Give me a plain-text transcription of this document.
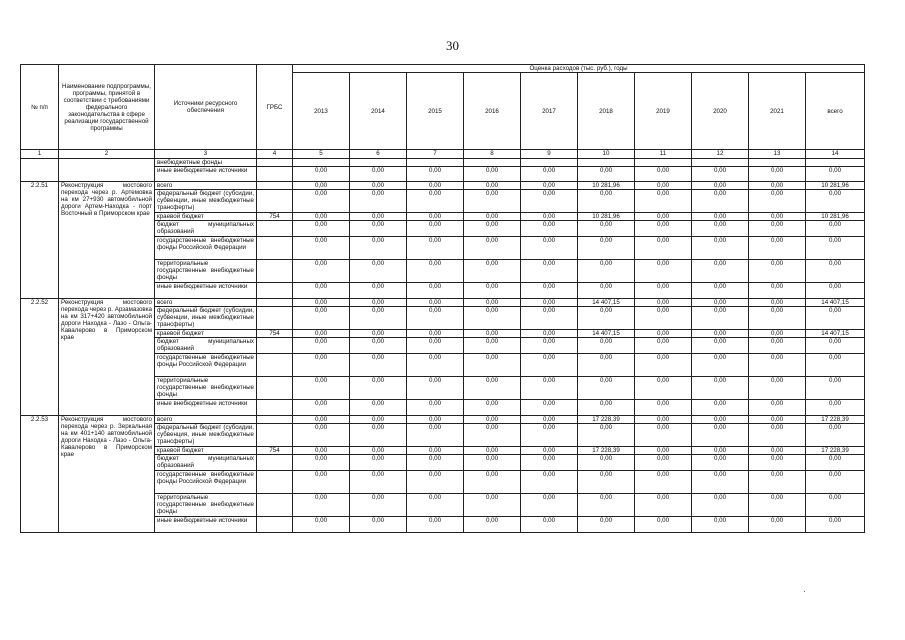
30
№ п/п	Наименование подпрограммы, программы, принятой в соответствии с требованиями федерального законодательства в сфере реализации государственной программы	Источники ресурсного обеспечения	ГРБС	Оценка расходов (тыс. руб.), годы									
				2013	2014	2015	2016	2017	2018	2019	2020	2021	всего
1	2	3	4	5	6	7	8	9	10	11	12	13	14
		внебюджетные фонды											
		иные внебюджетные источники		0,00	0,00	0,00	0,00	0,00	0,00	0,00	0,00	0,00	0,00
2.2.51	Реконструкция мостового перехода через р. Артемовка на км 27+930 автомобильной дороги Артем-Находка - порт Восточный в Приморском крае	всего		0,00	0,00	0,00	0,00	0,00	10 281,96	0,00	0,00	0,00	10 281,96
		федеральный бюджет (субсидии, субвенции, иные межбюджетные трансферты)		0,00	0,00	0,00	0,00	0,00	0,00	0,00	0,00	0,00	0,00
		краевой бюджет	754	0,00	0,00	0,00	0,00	0,00	10 281,96	0,00	0,00	0,00	10 281,96
		бюджет муниципальных образований		0,00	0,00	0,00	0,00	0,00	0,00	0,00	0,00	0,00	0,00
		государственные внебюджетные фонды Российской Федерации		0,00	0,00	0,00	0,00	0,00	0,00	0,00	0,00	0,00	0,00
		территориальные государственные внебюджетные фонды		0,00	0,00	0,00	0,00	0,00	0,00	0,00	0,00	0,00	0,00
		иные внебюджетные источники		0,00	0,00	0,00	0,00	0,00	0,00	0,00	0,00	0,00	0,00
2.2.52	Реконструкция мостового перехода через р. Арзамазовка на км 317+420 автомобильной дороги Находка - Лазо - Ольга- Кавалерово в Приморском крае	всего		0,00	0,00	0,00	0,00	0,00	14 407,15	0,00	0,00	0,00	14 407,15
		федеральный бюджет (субсидии, субвенции, иные межбюджетные трансферты)		0,00	0,00	0,00	0,00	0,00	0,00	0,00	0,00	0,00	0,00
		краевой бюджет	754	0,00	0,00	0,00	0,00	0,00	14 407,15	0,00	0,00	0,00	14 407,15
		бюджет муниципальных образований		0,00	0,00	0,00	0,00	0,00	0,00	0,00	0,00	0,00	0,00
		государственные внебюджетные фонды Российской Федерации		0,00	0,00	0,00	0,00	0,00	0,00	0,00	0,00	0,00	0,00
		территориальные государственные внебюджетные фонды		0,00	0,00	0,00	0,00	0,00	0,00	0,00	0,00	0,00	0,00
		иные внебюджетные источники		0,00	0,00	0,00	0,00	0,00	0,00	0,00	0,00	0,00	0,00
2.2.53	Реконструкция мостового перехода через р. Зеркальная на км 401+140 автомобильной дороги Находка - Лазо - Ольга- Кавалерово в Приморском крае	всего		0,00	0,00	0,00	0,00	0,00	17 228,39	0,00	0,00	0,00	17 228,39
		федеральный бюджет (субсидии, субвенция, иные межбюджетные трансферты)		0,00	0,00	0,00	0,00	0,00	0,00	0,00	0,00	0,00	0,00
		краевой бюджет	754	0,00	0,00	0,00	0,00	0,00	17 228,39	0,00	0,00	0,00	17 228,39
		бюджет муниципальных образований		0,00	0,00	0,00	0,00	0,00	0,00	0,00	0,00	0,00	0,00
		государственные внебюджетные фонды Российской Федерации		0,00	0,00	0,00	0,00	0,00	0,00	0,00	0,00	0,00	0,00
		территориальные государственные внебюджетные фонды		0,00	0,00	0,00	0,00	0,00	0,00	0,00	0,00	0,00	0,00
		иные внебюджетные источники		0,00	0,00	0,00	0,00	0,00	0,00	0,00	0,00	0,00	0,00
